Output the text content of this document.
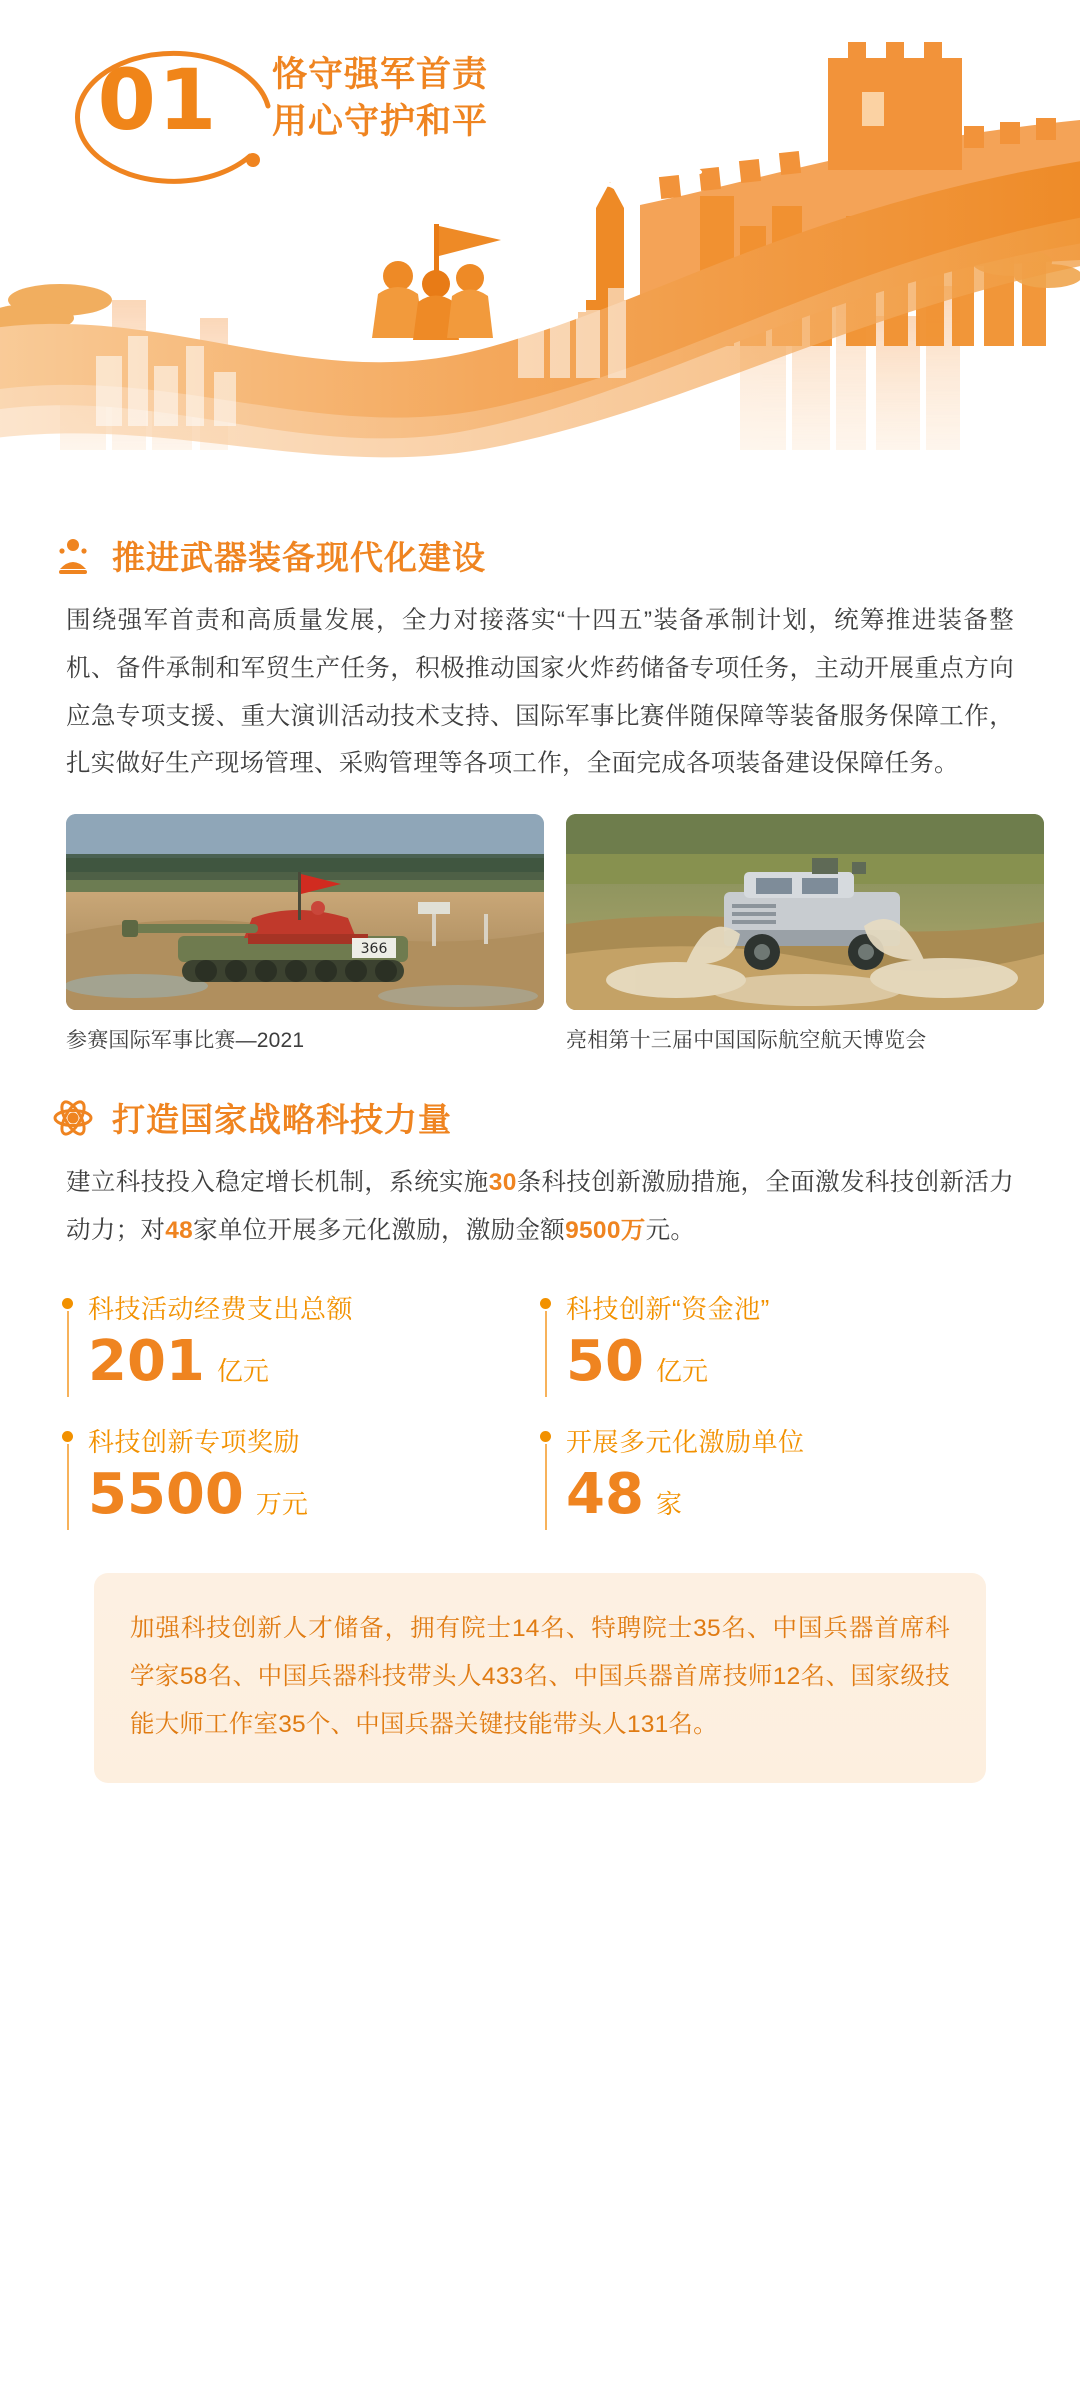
01 恪守强军首责
用心守护和平
推进武器装备现代化建设

围绕强军首责和高质量发展，全力对接落实“十四五”装备承制计划，统筹推进装备整机、备件承制和军贸生产任务，积极推动国家火炸药储备专项任务，主动开展重点方向应急专项支援、重大演训活动技术支持、国际军事比赛伴随保障等装备服务保障工作，扎实做好生产现场管理、采购管理等各项工作，全面完成各项装备建设保障任务。

366
参赛国际军事比赛—2021	亮相第十三届中国国际航空航天博览会
打造国家战略科技力量

建立科技投入稳定增长机制，系统实施30条科技创新激励措施，全面激发科技创新活力动力；对48家单位开展多元化激励，激励金额9500万元。

科技活动经费支出总额
201 亿元
科技创新“资金池”
50 亿元
科技创新专项奖励
5500 万元
开展多元化激励单位
48 家

加强科技创新人才储备，拥有院士14名、特聘院士35名、中国兵器首席科学家58名、中国兵器科技带头人433名、中国兵器首席技师12名、国家级技能大师工作室35个、中国兵器关键技能带头人131名。
